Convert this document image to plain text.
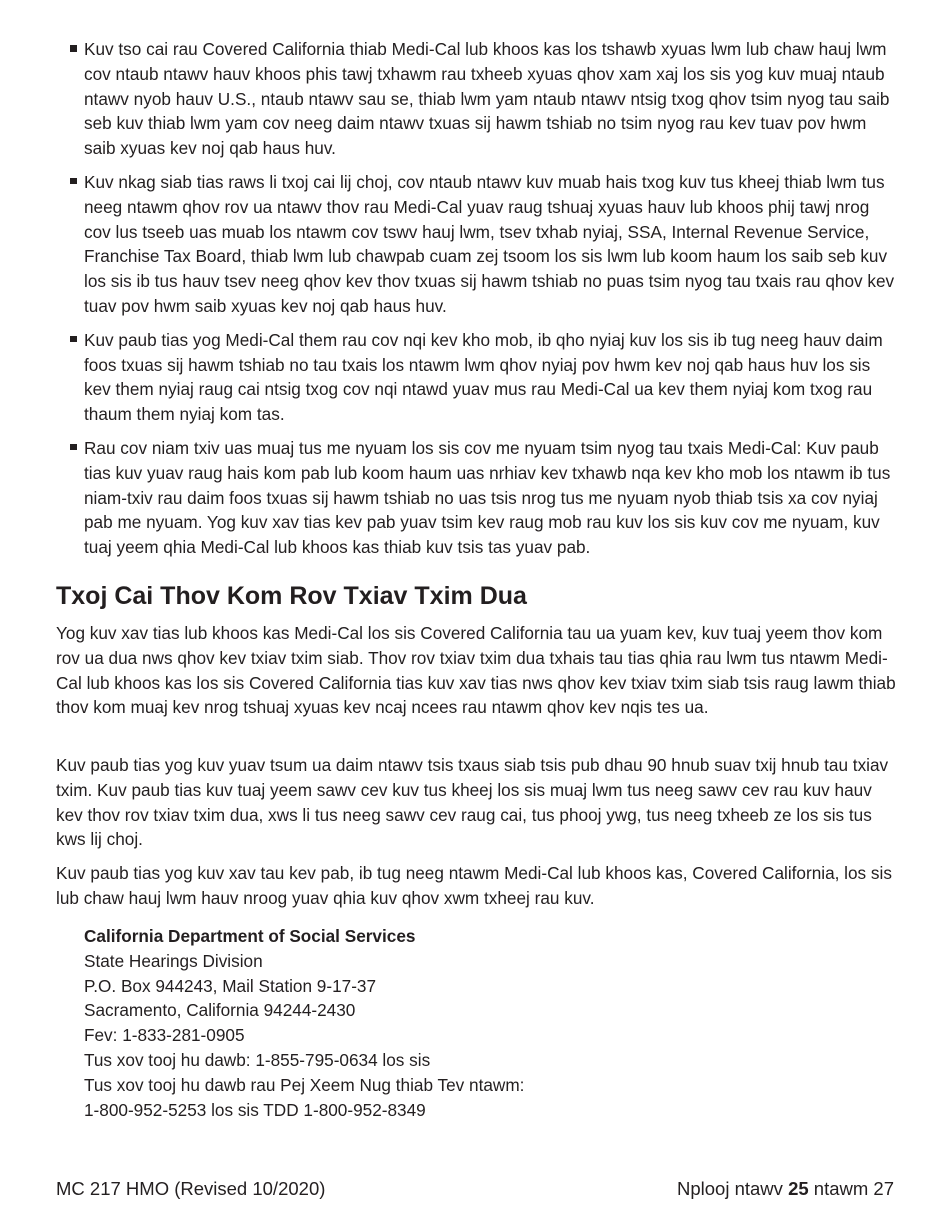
Kuv tso cai rau Covered California thiab Medi-Cal lub khoos kas los tshawb xyuas lwm lub chaw hauj lwm cov ntaub ntawv hauv khoos phis tawj txhawm rau txheeb xyuas qhov xam xaj los sis yog kuv muaj ntaub ntawv nyob hauv U.S., ntaub ntawv sau se, thiab lwm yam ntaub ntawv ntsig txog qhov tsim nyog tau saib seb kuv thiab lwm yam cov neeg daim ntawv txuas sij hawm tshiab no tsim nyog rau kev tuav pov hwm saib xyuas kev noj qab haus huv.
Kuv nkag siab tias raws li txoj cai lij choj, cov ntaub ntawv kuv muab hais txog kuv tus kheej thiab lwm tus neeg ntawm qhov rov ua ntawv thov rau Medi-Cal yuav raug tshuaj xyuas hauv lub khoos phij tawj nrog cov lus tseeb uas muab los ntawm cov tswv hauj lwm, tsev txhab nyiaj, SSA, Internal Revenue Service, Franchise Tax Board, thiab lwm lub chawpab cuam zej tsoom los sis lwm lub koom haum los saib seb kuv los sis ib tus hauv tsev neeg qhov kev thov txuas sij hawm tshiab no puas tsim nyog tau txais rau qhov kev tuav pov hwm saib xyuas kev noj qab haus huv.
Kuv paub tias yog Medi-Cal them rau cov nqi kev kho mob, ib qho nyiaj kuv los sis ib tug neeg hauv daim foos txuas sij hawm tshiab no tau txais los ntawm lwm qhov nyiaj pov hwm kev noj qab haus huv los sis kev them nyiaj raug cai ntsig txog cov nqi ntawd yuav mus rau Medi-Cal ua kev them nyiaj kom txog rau thaum them nyiaj kom tas.
Rau cov niam txiv uas muaj tus me nyuam los sis cov me nyuam tsim nyog tau txais Medi-Cal: Kuv paub tias kuv yuav raug hais kom pab lub koom haum uas nrhiav kev txhawb nqa kev kho mob los ntawm ib tus niam-txiv rau daim foos txuas sij hawm tshiab no uas tsis nrog tus me nyuam nyob thiab tsis xa cov nyiaj pab me nyuam. Yog kuv xav tias kev pab yuav tsim kev raug mob rau kuv los sis kuv cov me nyuam, kuv tuaj yeem qhia Medi-Cal lub khoos kas thiab kuv tsis tas yuav pab.
Txoj Cai Thov Kom Rov Txiav Txim Dua

Yog kuv xav tias lub khoos kas Medi-Cal los sis Covered California tau ua yuam kev, kuv tuaj yeem thov kom rov ua dua nws qhov kev txiav txim siab. Thov rov txiav txim dua txhais tau tias qhia rau lwm tus ntawm Medi-Cal lub khoos kas los sis Covered California tias kuv xav tias nws qhov kev txiav txim siab tsis raug lawm thiab thov kom muaj kev nrog tshuaj xyuas kev ncaj ncees rau ntawm qhov kev nqis tes ua.

Kuv paub tias yog kuv yuav tsum ua daim ntawv tsis txaus siab tsis pub dhau 90 hnub suav txij hnub tau txiav txim. Kuv paub tias kuv tuaj yeem sawv cev kuv tus kheej los sis muaj lwm tus neeg sawv cev rau kuv hauv kev thov rov txiav txim dua, xws li tus neeg sawv cev raug cai, tus phooj ywg, tus neeg txheeb ze los sis tus kws lij choj.

Kuv paub tias yog kuv xav tau kev pab, ib tug neeg ntawm Medi-Cal lub khoos kas, Covered California, los sis lub chaw hauj lwm hauv nroog yuav qhia kuv qhov xwm txheej rau kuv.

California Department of Social Services
State Hearings Division
P.O. Box 944243, Mail Station 9-17-37
Sacramento, California 94244-2430
Fev: 1-833-281-0905
Tus xov tooj hu dawb: 1-855-795-0634 los sis
Tus xov tooj hu dawb rau Pej Xeem Nug thiab Tev ntawm:
1-800-952-5253 los sis TDD 1-800-952-8349
MC 217 HMO (Revised 10/2020)	Nplooj ntawv 25 ntawm 27
